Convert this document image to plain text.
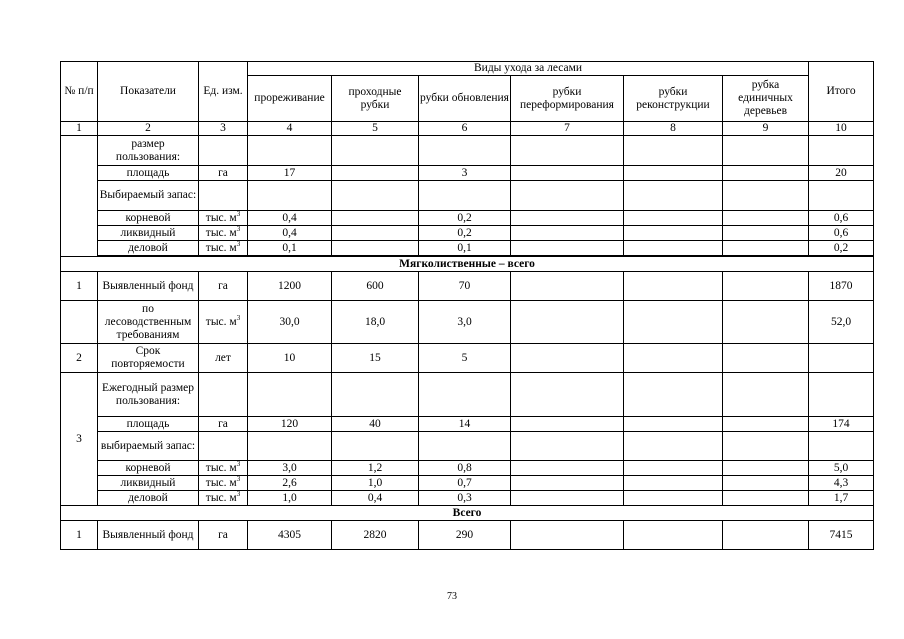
№ п/п	Показатели	Ед. изм.	Виды ухода за лесами						Итого
			прореживание	проходные рубки	рубки обновления	рубки переформирования	рубки реконструкции	рубка единичных деревьев	
1	2	3	4	5	6	7	8	9	10
	размер пользования:								
	площадь	га	17		3				20
	Выбираемый запас:								
	корневой	тыс. $м^3$	0,4		0,2				0,6
	ликвидный	тыс. $м^3$	0,4		0,2				0,6
	деловой	тыс. $м^3$	0,1		0,1				0,2

Мягколиственные – всего									
1	Выявленный фонд	га	1200	600	70				1870
	по лесоводственным требованиям	тыс. $м^3$	30,0	18,0	3,0				52,0
2	Срок повторяемости	лет	10	15	5				
3	Ежегодный размер пользования:								
	площадь	га	120	40	14				174
	выбираемый запас:								
	корневой	тыс. $м^3$	3,0	1,2	0,8				5,0
	ликвидный	тыс. $м^3$	2,6	1,0	0,7				4,3
	деловой	тыс. $м^3$	1,0	0,4	0,3				1,7
Всего									
1	Выявленный фонд	га	4305	2820	290				7415
73
